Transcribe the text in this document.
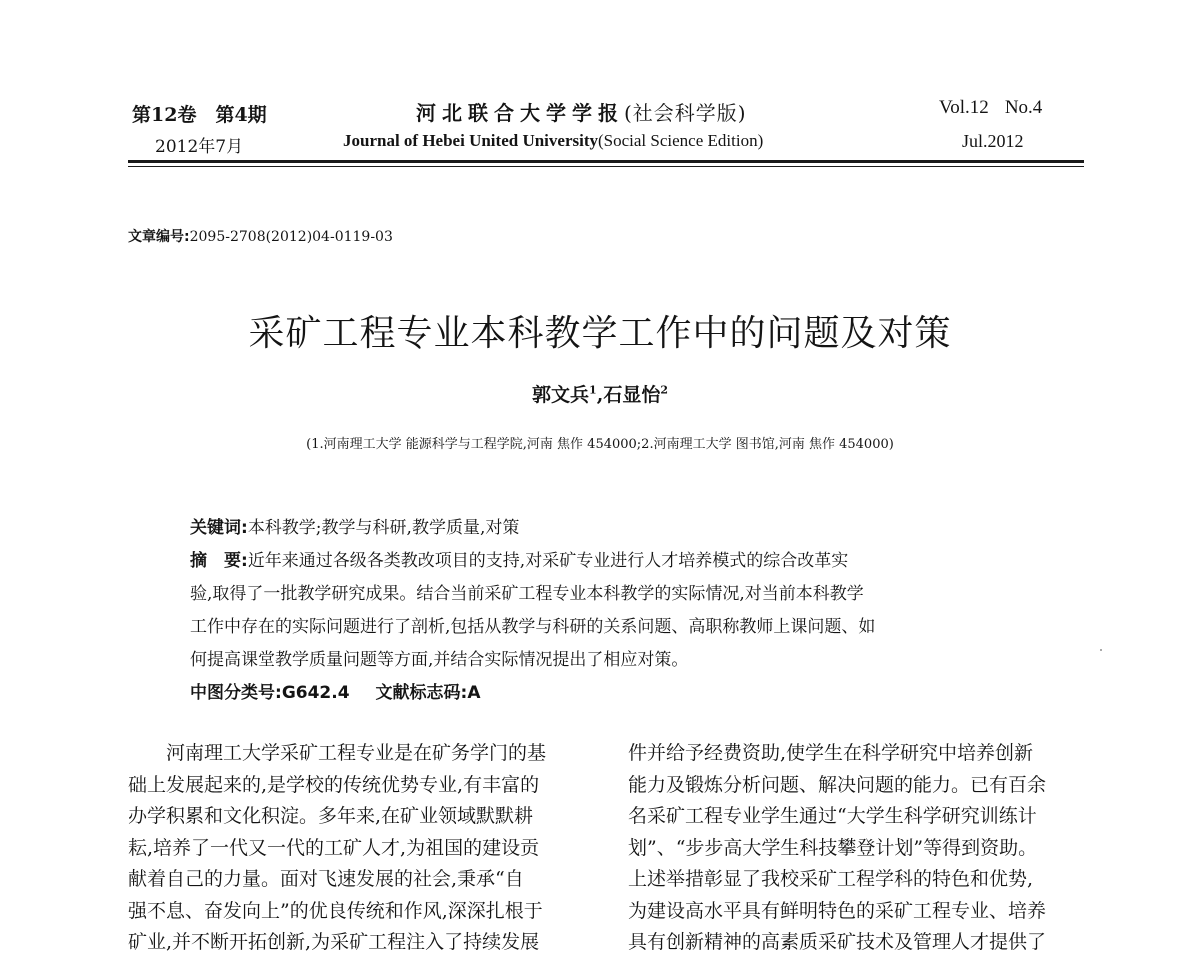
第12卷　第4期
2012年7月
河北联合大学学报(社会科学版)
Journal of Hebei United University(Social Science Edition)
Vol.12 No.4
Jul.2012
文章编号:2095-2708(2012)04-0119-03
采矿工程专业本科教学工作中的问题及对策
郭文兵$^1$,石显怡$^2$
(1.河南理工大学 能源科学与工程学院,河南 焦作 454000;2.河南理工大学 图书馆,河南 焦作 454000)
关键词:本科教学;教学与科研,教学质量,对策
摘　要:近年来通过各级各类教改项目的支持,对采矿专业进行人才培养模式的综合改革实
验,取得了一批教学研究成果。结合当前采矿工程专业本科教学的实际情况,对当前本科教学
工作中存在的实际问题进行了剖析,包括从教学与科研的关系问题、高职称教师上课问题、如
何提高课堂教学质量问题等方面,并结合实际情况提出了相应对策。
中图分类号:G642.4 文献标志码:A
河南理工大学采矿工程专业是在矿务学门的基
础上发展起来的,是学校的传统优势专业,有丰富的
办学积累和文化积淀。多年来,在矿业领域默默耕
耘,培养了一代又一代的工矿人才,为祖国的建设贡
献着自己的力量。面对飞速发展的社会,秉承“自
强不息、奋发向上”的优良传统和作风,深深扎根于
矿业,并不断开拓创新,为采矿工程注入了持续发展
件并给予经费资助,使学生在科学研究中培养创新
能力及锻炼分析问题、解决问题的能力。已有百余
名采矿工程专业学生通过“大学生科学研究训练计
划”、“步步高大学生科技攀登计划”等得到资助。
上述举措彰显了我校采矿工程学科的特色和优势,
为建设高水平具有鲜明特色的采矿工程专业、培养
具有创新精神的高素质采矿技术及管理人才提供了
